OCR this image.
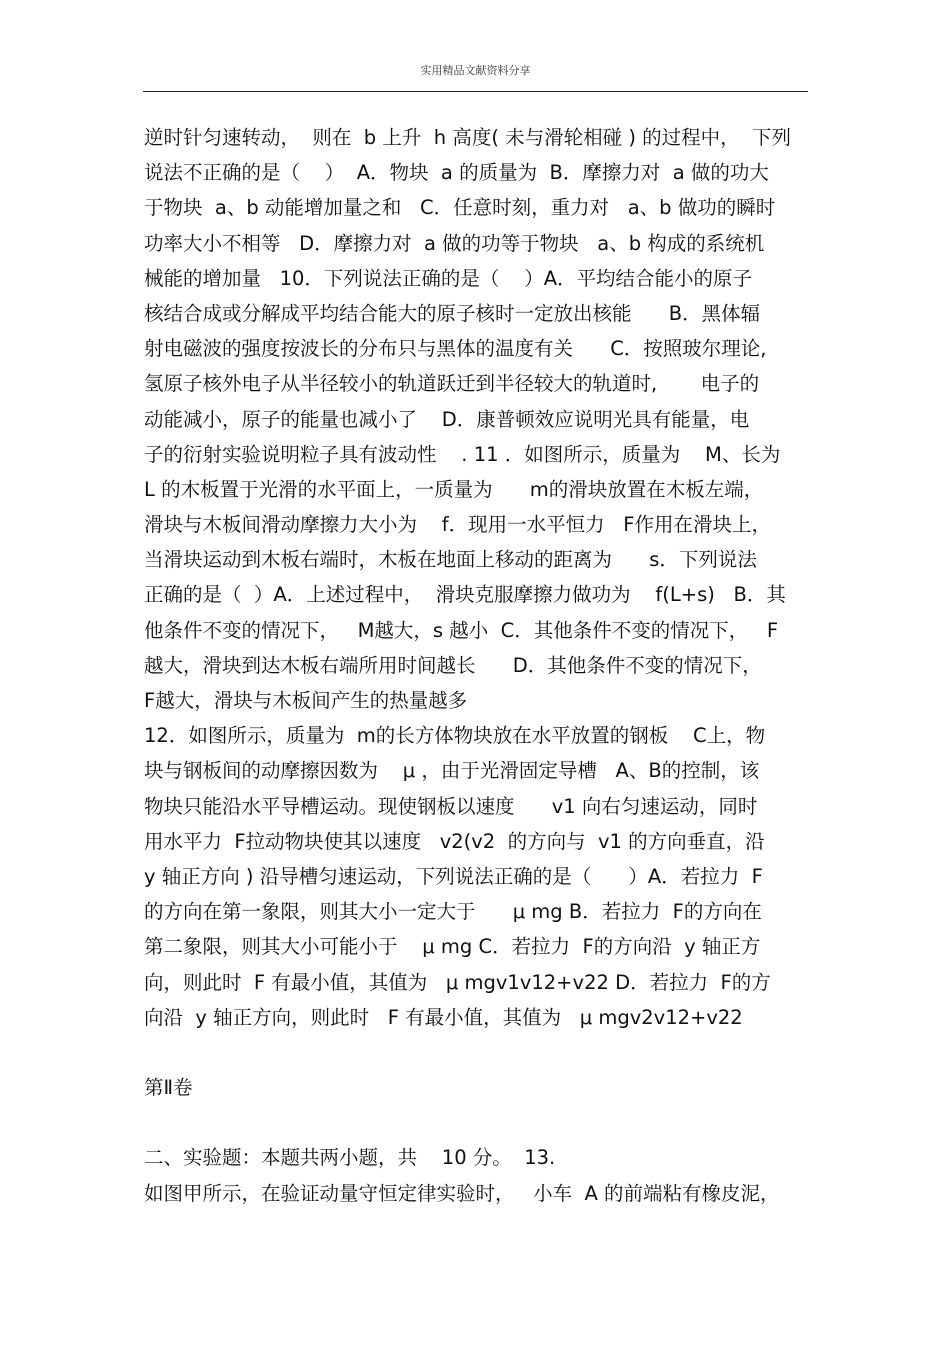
实用精品文献资料分享
逆时针匀速转动，  则在  b 上升  h 高度( 未与滑轮相碰 ) 的过程中，  下列
说法不正确的是（    ）  A．物块  a 的质量为  B．摩擦力对  a 做的功大
于物块  a、b 动能增加量之和   C．任意时刻，重力对   a、b 做功的瞬时
功率大小不相等   D．摩擦力对  a 做的功等于物块   a、b 构成的系统机
械能的增加量   10．下列说法正确的是（    ）A．平均结合能小的原子
核结合成或分解成平均结合能大的原子核时一定放出核能      B．黑体辐
射电磁波的强度按波长的分布只与黑体的温度有关      C．按照玻尔理论,
氢原子核外电子从半径较小的轨道跃迁到半径较大的轨道时,       电子的
动能减小，原子的能量也减小了    D．康普顿效应说明光具有能量，电
子的衍射实验说明粒子具有波动性    . 11 ．如图所示，质量为    M、长为
L 的木板置于光滑的水平面上，一质量为      m的滑块放置在木板左端，
滑块与木板间滑动摩擦力大小为    f．现用一水平恒力   F作用在滑块上，
当滑块运动到木板右端时，木板在地面上移动的距离为      s．下列说法
正确的是（  ）A．上述过程中，  滑块克服摩擦力做功为    f(L+s)   B．其
他条件不变的情况下，   M越大，s 越小  C．其他条件不变的情况下，   F
越大，滑块到达木板右端所用时间越长      D．其他条件不变的情况下，
F越大，滑块与木板间产生的热量越多
12．如图所示，质量为  m的长方体物块放在水平放置的钢板    C上，物
块与钢板间的动摩擦因数为    μ ，由于光滑固定导槽   A、B的控制，该
物块只能沿水平导槽运动。现使钢板以速度      v1 向右匀速运动，同时
用水平力  F拉动物块使其以速度   v2(v2  的方向与  v1 的方向垂直，沿
y 轴正方向 ) 沿导槽匀速运动，下列说法正确的是（      ）A．若拉力  F
的方向在第一象限，则其大小一定大于      μ mg B．若拉力  F的方向在
第二象限，则其大小可能小于    μ mg C．若拉力  F的方向沿  y 轴正方
向，则此时  F 有最小值，其值为   μ mgv1v12+v22 D．若拉力  F的方
向沿  y 轴正方向，则此时   F 有最小值，其值为   μ mgv2v12+v22
第Ⅱ卷
二、实验题：本题共两小题，共    10 分。  13.
如图甲所示，在验证动量守恒定律实验时，   小车  A 的前端粘有橡皮泥，
